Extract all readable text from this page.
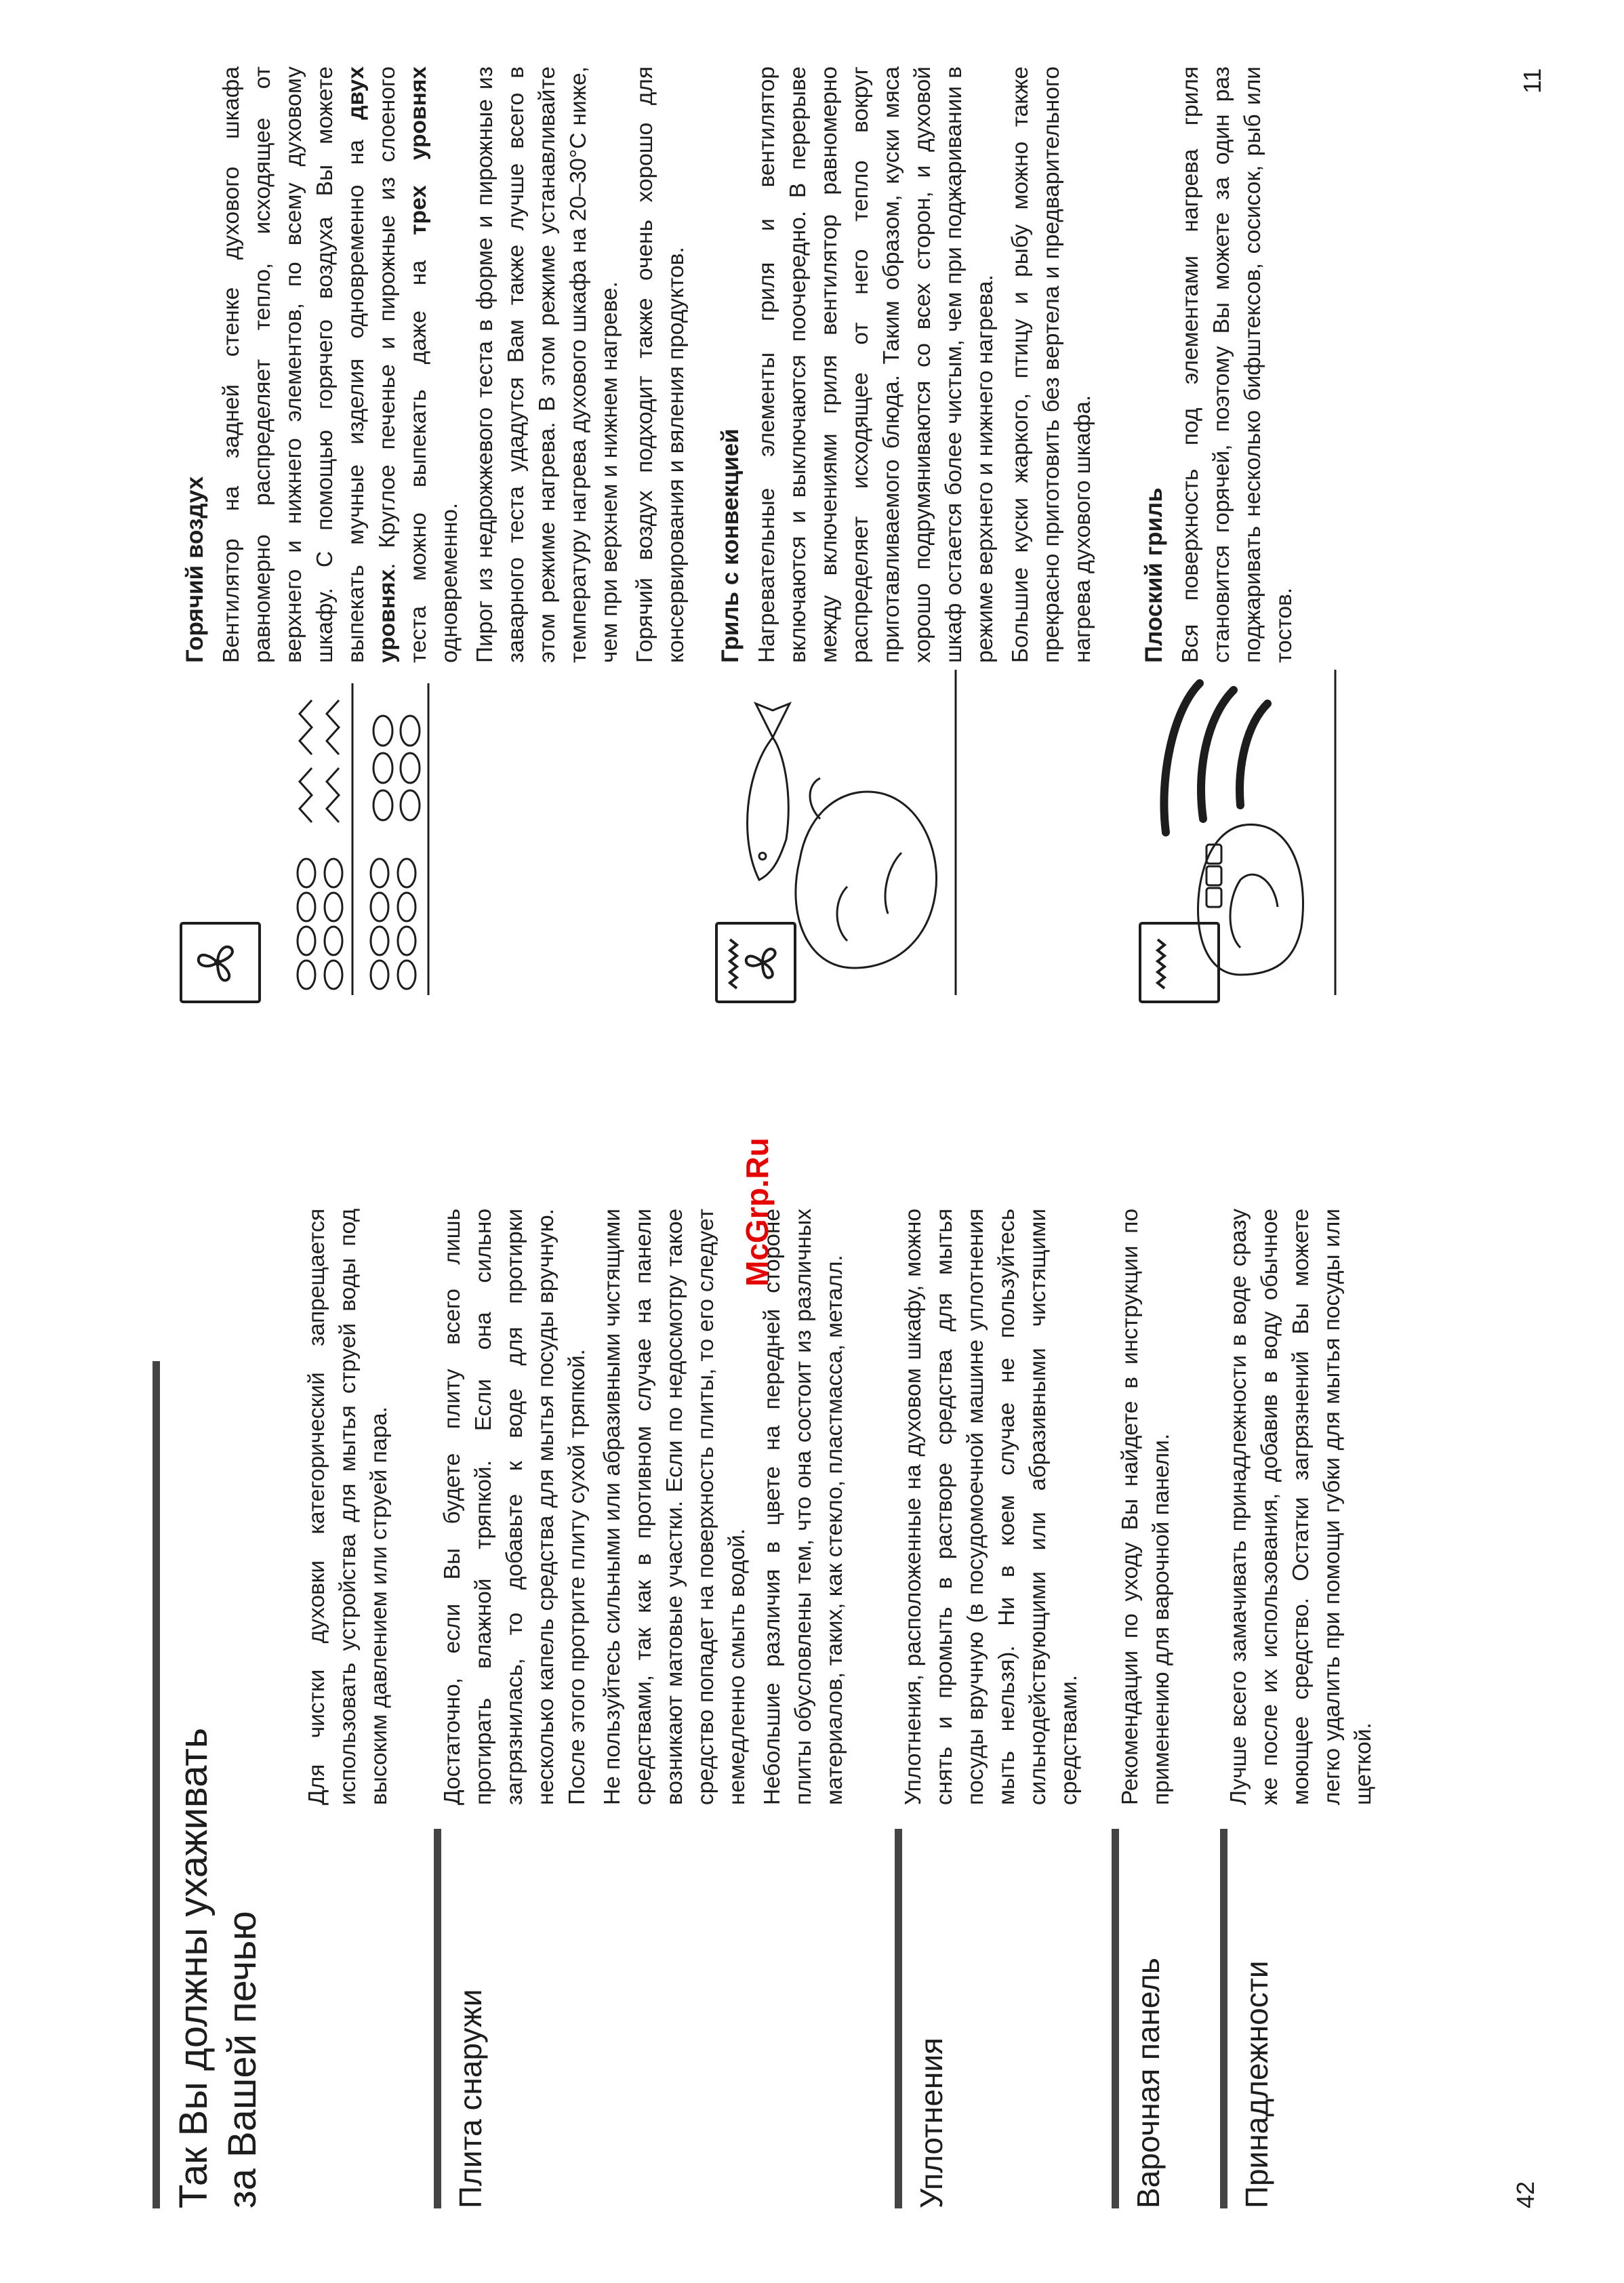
42
Так Вы должны ухаживать за Вашей печью

Для чистки духовки категорический запрещается использовать устройства для мытья струей воды под высоким давлением или струей пара.

Плита снаружи

Достаточно, если Вы будете плиту всего лишь протирать влажной тряпкой. Если она сильно загрязнилась, то добавьте к воде для протирки несколько капель средства для мытья посуды вручную. После этого протрите плиту сухой тряпкой. Не пользуйтесь сильными или абразивными чистящими средствами, так как в противном случае на панели возникают матовые участки. Если по недосмотру такое средство попадет на поверхность плиты, то его следует немедленно смыть водой. Небольшие различия в цвете на передней стороне плиты обусловлены тем, что она состоит из различных материалов, таких, как стекло, пластмасса, металл.

Уплотнения

Уплотнения, расположенные на духовом шкафу, можно снять и промыть в растворе средства для мытья посуды вручную (в посудомоечной машине уплотнения мыть нельзя). Ни в коем случае не пользуйтесь сильнодействующими или абразивными чистящими средствами.

Варочная панель

Рекомендации по уходу Вы найдете в инструкции по применению для варочной панели.

Принадлежности

Лучше всего замачивать принадлежности в воде сразу же после их использования, добавив в воду обычное моющее средство. Остатки загрязнений Вы можете легко удалить при помощи губки для мытья посуды или щеткой.

McGrp.Ru
11

Горячий воздух Вентилятор на задней стенке духового шкафа равномерно распределяет тепло, исходящее от верхнего и нижнего элементов, по всему духовому шкафу. С помощью горячего воздуха Вы можете выпекать мучные изделия одновременно на двух уровнях. Круглое печенье и пирожные из слоеного теста можно выпекать даже на трех уровнях одновременно. Пирог из недрожжевого теста в форме и пирожные из заварного теста удадутся Вам также лучше всего в этом режиме нагрева. В этом режиме устанавливайте температуру нагрева духового шкафа на 20–30°C ниже, чем при верхнем и нижнем нагреве. Горячий воздух подходит также очень хорошо для консервирования и вяления продуктов. Гриль с конвекцией Нагревательные элементы гриля и вентилятор включаются и выключаются поочередно. В перерыве между включениями гриля вентилятор равномерно распределяет исходящее от него тепло вокруг приготавливаемого блюда. Таким образом, куски мяса хорошо подрумяниваются со всех сторон, и духовой шкаф остается более чистым, чем при поджаривании в режиме верхнего и нижнего нагрева. Большие куски жаркого, птицу и рыбу можно также прекрасно приготовить без вертела и предварительного нагрева духового шкафа. Плоский гриль Вся поверхность под элементами нагрева гриля становится горячей, поэтому Вы можете за один раз поджаривать несколько бифштексов, сосисок, рыб или тостов.
